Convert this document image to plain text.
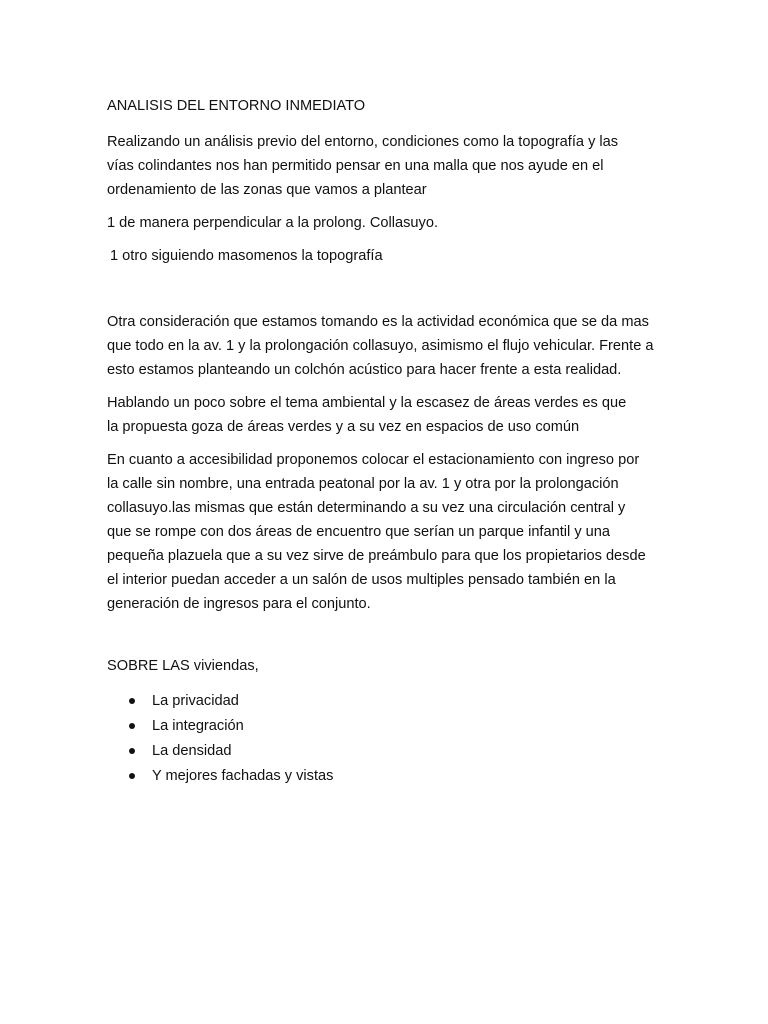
ANALISIS DEL ENTORNO INMEDIATO

Realizando un análisis previo del entorno, condiciones como la topografía y las vías colindantes nos han permitido pensar en una malla que nos ayude en el ordenamiento de las zonas que vamos a plantear

1 de manera perpendicular a la prolong. Collasuyo.

1 otro siguiendo masomenos la topografía

Otra consideración que estamos tomando es la actividad económica que se da mas que todo en la av. 1 y la prolongación collasuyo, asimismo el flujo vehicular. Frente a esto estamos planteando un colchón acústico para hacer frente a esta realidad.

Hablando un poco sobre el tema ambiental y la escasez de áreas verdes es que la propuesta goza de áreas verdes y a su vez en espacios de uso común

En cuanto a accesibilidad proponemos colocar el estacionamiento con ingreso por la calle sin nombre, una entrada peatonal por la av. 1 y otra por la prolongación collasuyo.las mismas que están determinando a su vez una circulación central y que se rompe con dos áreas de encuentro que serían un parque infantil y una pequeña plazuela que a su vez sirve de preámbulo para que los propietarios desde el interior puedan acceder a un salón de usos multiples pensado también en la generación de ingresos para el conjunto.

SOBRE LAS viviendas,

La privacidad
La integración
La densidad
Y mejores fachadas y vistas
